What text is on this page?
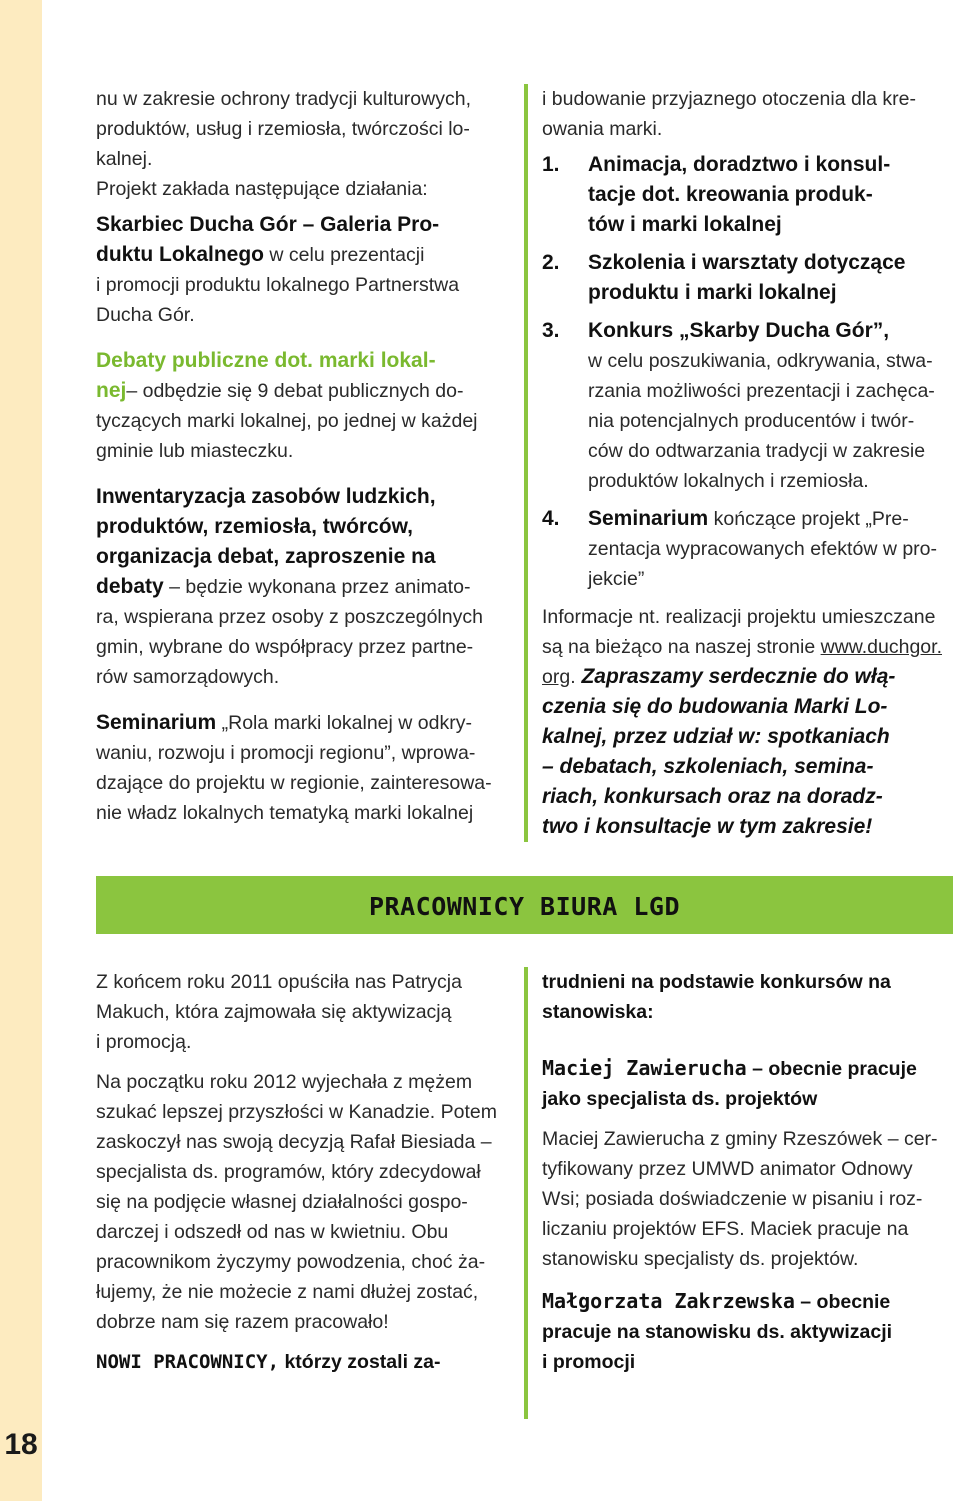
18

nu w zakresie ochrony tradycji kulturowych,
produktów, usług i rzemiosła, twórczości lo-
kalnej.

Projekt zakłada następujące działania:

Skarbiec Ducha Gór – Galeria Pro-
duktu Lokalnego w celu prezentacji
i promocji produktu lokalnego Partnerstwa
Ducha Gór.

Debaty publiczne dot. marki lokal-
nej– odbędzie się 9 debat publicznych do-
tyczących marki lokalnej, po jednej w każdej
gminie lub miasteczku.

Inwentaryzacja zasobów ludzkich,
produktów, rzemiosła, twórców,
organizacja debat, zaproszenie na
debaty – będzie wykonana przez animato-
ra, wspierana przez osoby z poszczególnych
gmin, wybrane do współpracy przez partne-
rów samorządowych.

Seminarium „Rola marki lokalnej w odkry-
waniu, rozwoju i promocji regionu”, wprowa-
dzające do projektu w regionie, zainteresowa-
nie władz lokalnych tematyką marki lokalnej

i budowanie przyjaznego otoczenia dla kre-
owania marki.

1. Animacja, doradztwo i konsul-
tacje dot. kreowania produk-
tów i marki lokalnej
2. Szkolenia i warsztaty dotyczące
produktu i marki lokalnej
3. Konkurs „Skarby Ducha Gór”,
w celu poszukiwania, odkrywania, stwa-
rzania możliwości prezentacji i zachęca-
nia potencjalnych producentów i twór-
ców do odtwarzania tradycji w zakresie
produktów lokalnych i rzemiosła.
4. Seminarium kończące projekt „Pre-
zentacja wypracowanych efektów w pro-
jekcie”

Informacje nt. realizacji projektu umieszczane
są na bieżąco na naszej stronie www.duchgor.
org. Zapraszamy serdecznie do włą-
czenia się do budowania Marki Lo-
kalnej, przez udział w: spotkaniach
– debatach, szkoleniach, semina-
riach, konkursach oraz na doradz-
two i konsultacje w tym zakresie!

PRACOWNICY BIURA LGD

Z końcem roku 2011 opuściła nas Patrycja
Makuch, która zajmowała się aktywizacją
i promocją.

Na początku roku 2012 wyjechała z mężem
szukać lepszej przyszłości w Kanadzie. Potem
zaskoczył nas swoją decyzją Rafał Biesiada –
specjalista ds. programów, który zdecydował
się na podjęcie własnej działalności gospo-
darczej i odszedł od nas w kwietniu. Obu
pracownikom życzymy powodzenia, choć ża-
łujemy, że nie możecie z nami dłużej zostać,
dobrze nam się razem pracowało!

NOWI PRACOWNICY, którzy zostali za-

trudnieni na podstawie konkursów na
stanowiska:

Maciej Zawierucha – obecnie pracuje
jako specjalista ds. projektów

Maciej Zawierucha z gminy Rzeszówek – cer-
tyfikowany przez UMWD animator Odnowy
Wsi; posiada doświadczenie w pisaniu i roz-
liczaniu projektów EFS. Maciek pracuje na
stanowisku specjalisty ds. projektów.

Małgorzata Zakrzewska – obecnie
pracuje na stanowisku ds. aktywizacji
i promocji
